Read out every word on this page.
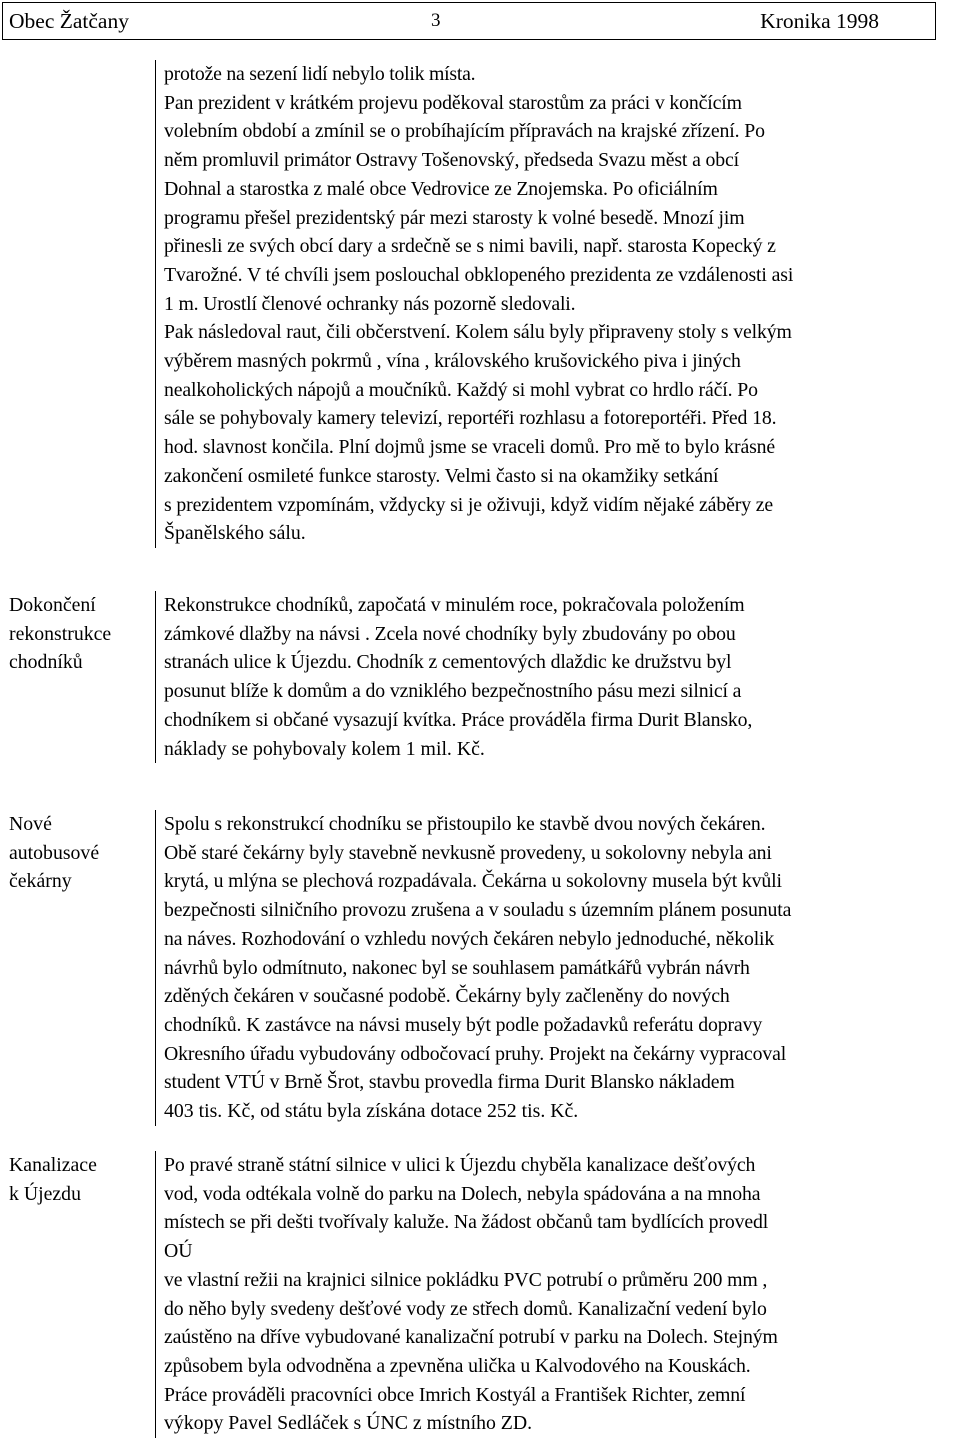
Obec Žatčany	3	Kronika 1998
protože na sezení lidí nebylo tolik místa.
Pan prezident v krátkém projevu poděkoval starostům za práci v končícím
volebním období a zmínil se o probíhajícím přípravách na krajské zřízení. Po
něm promluvil primátor Ostravy Tošenovský, předseda Svazu měst a obcí
Dohnal a starostka z malé obce Vedrovice ze Znojemska. Po oficiálním
programu přešel prezidentský pár mezi starosty k volné besedě. Mnozí jim
přinesli ze svých obcí dary a srdečně se s nimi bavili, např. starosta Kopecký z
Tvarožné. V té chvíli jsem poslouchal obklopeného prezidenta ze vzdálenosti asi
1 m. Urostlí členové ochranky nás pozorně sledovali.
Pak následoval raut, čili občerstvení. Kolem sálu byly připraveny stoly s velkým
výběrem masných pokrmů , vína , královského krušovického piva i jiných
nealkoholických nápojů a moučníků. Každý si mohl vybrat co hrdlo ráčí. Po
sále se pohybovaly kamery televizí, reportéři rozhlasu a fotoreportéři. Před 18.
hod. slavnost končila. Plní dojmů jsme se vraceli domů. Pro mě to bylo krásné
zakončení osmileté funkce starosty. Velmi často si na okamžiky setkání
s prezidentem vzpomínám, vždycky si je oživuji, když vidím nějaké záběry ze
Španělského sálu.
Dokončení
rekonstrukce
chodníků
Rekonstrukce chodníků, započatá v minulém roce, pokračovala položením
zámkové dlažby na návsi . Zcela nové chodníky byly zbudovány po obou
stranách ulice k Újezdu. Chodník z cementových dlaždic ke družstvu byl
posunut blíže k domům a do vzniklého bezpečnostního pásu mezi silnicí a
chodníkem si občané vysazují kvítka. Práce prováděla firma Durit Blansko,
náklady se pohybovaly kolem 1 mil. Kč.
Nové
autobusové
čekárny
Spolu s rekonstrukcí chodníku se přistoupilo ke stavbě dvou nových čekáren.
Obě staré čekárny byly stavebně nevkusně provedeny, u sokolovny nebyla ani
krytá, u mlýna se plechová rozpadávala. Čekárna u sokolovny musela být kvůli
bezpečnosti silničního provozu zrušena a v souladu s územním plánem posunuta
na náves. Rozhodování o vzhledu nových čekáren nebylo jednoduché, několik
návrhů bylo odmítnuto, nakonec byl se souhlasem památkářů vybrán návrh
zděných čekáren v současné podobě. Čekárny byly začleněny do nových
chodníků. K zastávce na návsi musely být podle požadavků referátu dopravy
Okresního úřadu vybudovány odbočovací pruhy. Projekt na čekárny vypracoval
student VTÚ v Brně Šrot, stavbu provedla firma Durit Blansko nákladem
403 tis. Kč, od státu byla získána dotace 252 tis. Kč.
Kanalizace
k Újezdu
Po pravé straně státní silnice v ulici k Újezdu chyběla kanalizace dešťových
vod, voda odtékala volně do parku na Dolech, nebyla spádována a na mnoha
místech se při dešti tvořívaly kaluže. Na žádost občanů tam bydlících provedl
OÚ
ve vlastní režii na krajnici silnice pokládku PVC potrubí o průměru 200 mm ,
do něho byly svedeny dešťové vody ze střech domů. Kanalizační vedení bylo
zaústěno na dříve vybudované kanalizační potrubí v parku na Dolech. Stejným
způsobem byla odvodněna a zpevněna ulička u Kalvodového na Kouskách.
Práce prováděli pracovníci obce Imrich Kostyál a František Richter, zemní
výkopy Pavel Sedláček s ÚNC z místního ZD.
